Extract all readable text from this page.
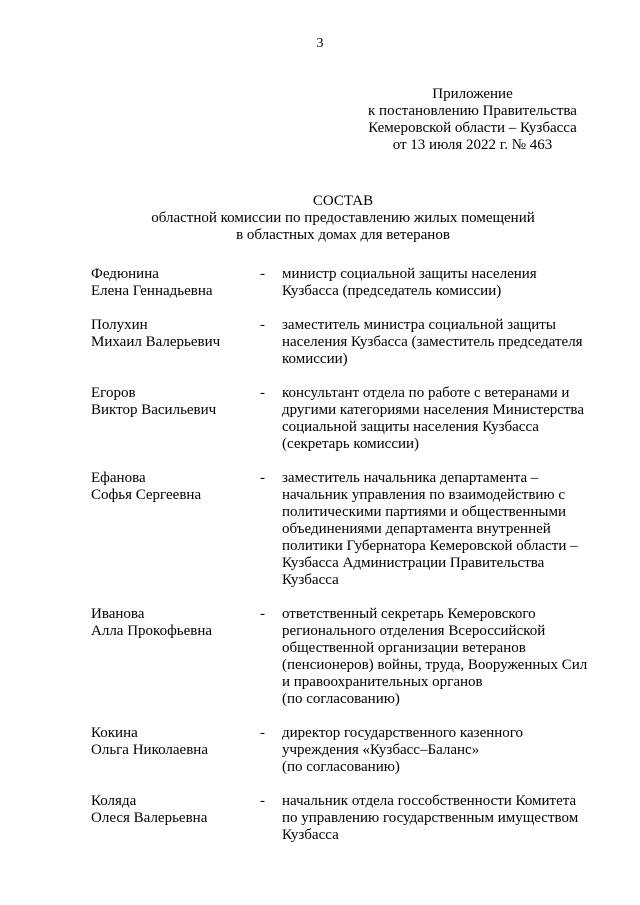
3
Приложение
к постановлению Правительства
Кемеровской области – Кузбасса
от 13 июля 2022 г. № 463
СОСТАВ
областной комиссии по предоставлению жилых помещений
в областных домах для ветеранов
Федюнина
Елена Геннадьевна
-	министр социальной защиты населения
Кузбасса (председатель комиссии)
Полухин
Михаил Валерьевич
-	заместитель министра социальной защиты
населения Кузбасса (заместитель председателя
комиссии)
Егоров
Виктор Васильевич
-	консультант отдела по работе с ветеранами и
другими категориями населения Министерства
социальной защиты населения Кузбасса
(секретарь комиссии)
Ефанова
Софья Сергеевна
-	заместитель начальника департамента –
начальник управления по взаимодействию с
политическими партиями и общественными
объединениями департамента внутренней
политики Губернатора Кемеровской области –
Кузбасса Администрации Правительства
Кузбасса
Иванова
Алла Прокофьевна
-	ответственный секретарь Кемеровского
регионального отделения Всероссийской
общественной организации ветеранов
(пенсионеров) войны, труда, Вооруженных Сил
и правоохранительных органов
(по согласованию)
Кокина
Ольга Николаевна
-	директор государственного казенного
учреждения «Кузбасс–Баланс»
(по согласованию)
Коляда
Олеся Валерьевна
-	начальник отдела госсобственности Комитета
по управлению государственным имуществом
Кузбасса
